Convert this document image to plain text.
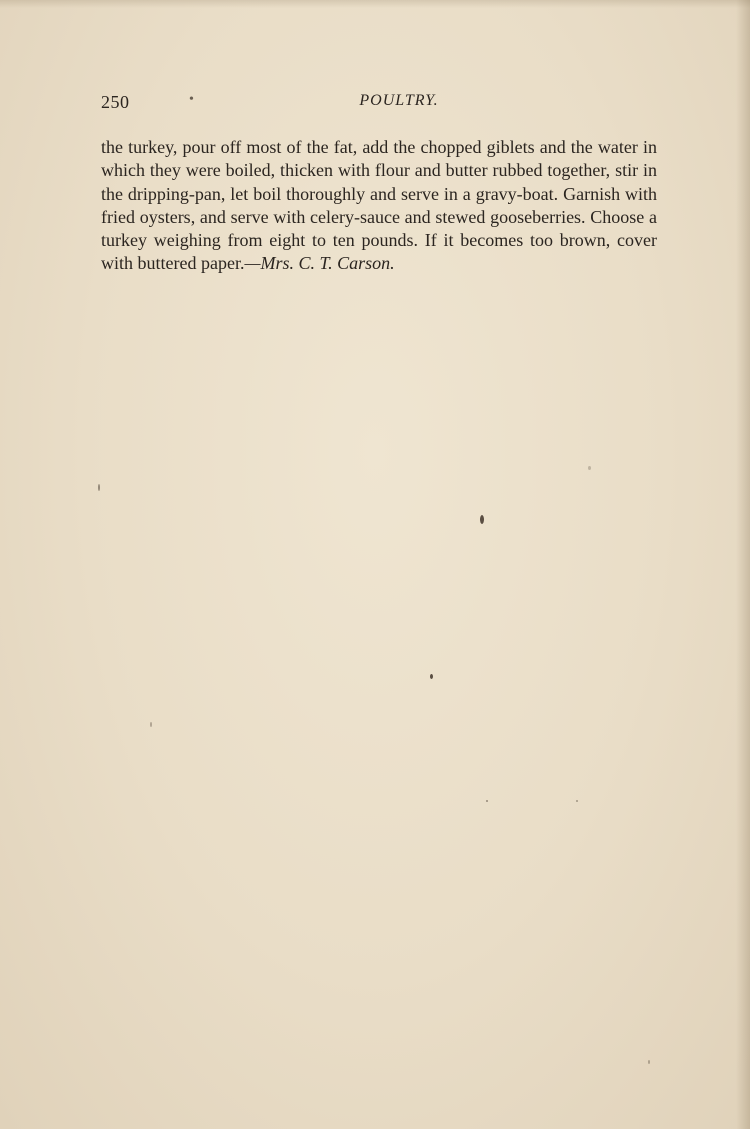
250	•	POULTRY.
the turkey, pour off most of the fat, add the chopped giblets and the water in which they were boiled, thicken with flour and butter rubbed together, stir in the dripping-pan, let boil thoroughly and serve in a gravy-boat. Garnish with fried oysters, and serve with celery-sauce and stewed gooseberries. Choose a turkey weighing from eight to ten pounds. If it becomes too brown, cover with buttered paper.—Mrs. C. T. Carson.
